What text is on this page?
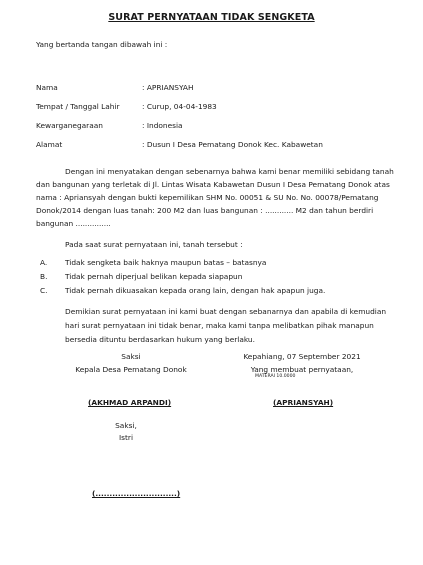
SURAT PERNYATAAN TIDAK SENGKETA
Yang bertanda tangan dibawah ini :
Nama	: APRIANSYAH
Tempat / Tanggal Lahir	: Curup, 04-04-1983
Kewarganegaraan	: Indonesia
Alamat	: Dusun I Desa Pematang Donok Kec. Kabawetan
Dengan ini menyatakan dengan sebenarnya bahwa kami benar memiliki sebidang tanah
dan bangunan yang terletak di Jl. Lintas Wisata Kabawetan Dusun I Desa Pematang Donok atas
nama : Apriansyah dengan bukti kepemilikan SHM No. 00051 & SU No. No. 00078/Pematang
Donok/2014 dengan luas tanah: 200 M2 dan luas bangunan : ............ M2 dan tahun berdiri
bangunan ...............
Pada saat surat pernyataan ini, tanah tersebut :
A. Tidak sengketa baik haknya maupun batas – batasnya
B. Tidak pernah diperjual belikan kepada siapapun
C. Tidak pernah dikuasakan kepada orang lain, dengan hak apapun juga.
Demikian surat pernyataan ini kami buat dengan sebanarnya dan apabila di kemudian
hari surat pernyataan ini tidak benar, maka kami tanpa melibatkan pihak manapun
bersedia dituntu berdasarkan hukum yang berlaku.
Saksi
Kepala Desa Pematang Donok
Kepahiang, 07 September 2021
Yang membuat pernyataan,
MATERAI 10.0000
(AKHMAD ARPANDI)	(APRIANSYAH)
Saksi,
Istri
(.............................)
